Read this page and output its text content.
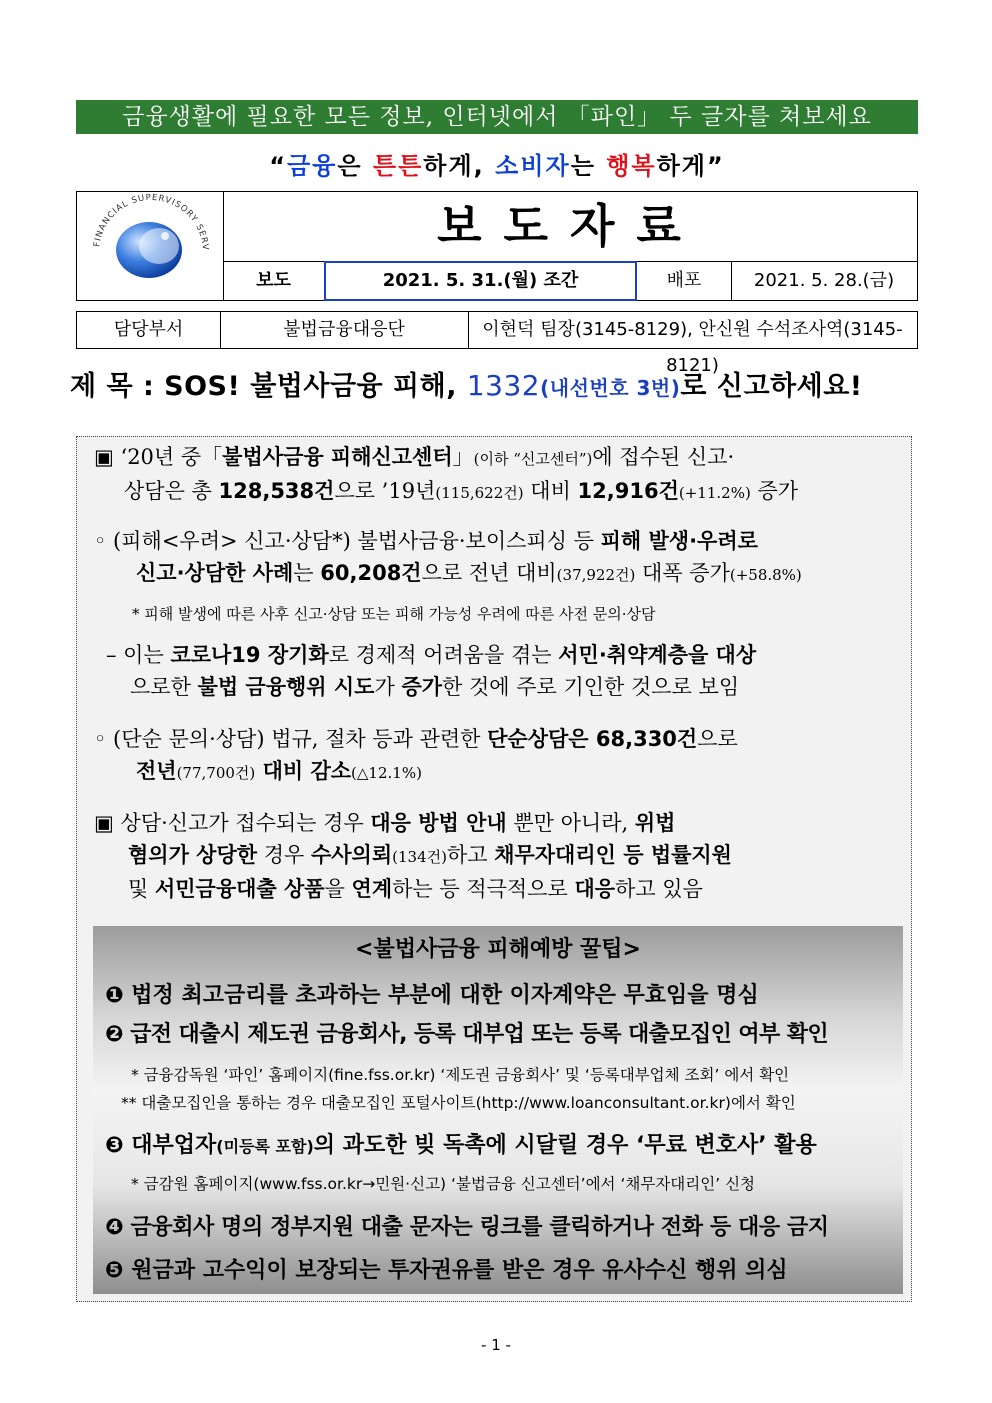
금융생활에 필요한 모든 정보, 인터넷에서 「파인」 두 글자를 쳐보세요
“금융은 튼튼하게, 소비자는 행복하게”
FINANCIAL SUPERVISORY SERV	보도자료
보도	2021. 5. 31.(월) 조간	배포	2021. 5. 28.(금)
담당부서	불법금융대응단	이현덕 팀장(3145-8129), 안신원 수석조사역(3145-8121)
제 목 : SOS! 불법사금융 피해, 1332(내선번호 3번)로 신고하세요!
▣ ‘20년 중「불법사금융 피해신고센터」(이하 “신고센터”)에 접수된 신고·
상담은 총 128,538건으로 ’19년(115,622건) 대비 12,916건(+11.2%) 증가
◦ (피해<우려> 신고·상담*) 불법사금융·보이스피싱 등 피해 발생·우려로
신고·상담한 사례는 60,208건으로 전년 대비(37,922건) 대폭 증가(+58.8%)
* 피해 발생에 따른 사후 신고·상담 또는 피해 가능성 우려에 따른 사전 문의·상담
– 이는 코로나19 장기화로 경제적 어려움을 겪는 서민·취약계층을 대상
으로한 불법 금융행위 시도가 증가한 것에 주로 기인한 것으로 보임
◦ (단순 문의·상담) 법규, 절차 등과 관련한 단순상담은 68,330건으로
전년(77,700건) 대비 감소(△12.1%)
▣ 상담·신고가 접수되는 경우 대응 방법 안내 뿐만 아니라, 위법
혐의가 상당한 경우 수사의뢰(134건)하고 채무자대리인 등 법률지원
및 서민금융대출 상품을 연계하는 등 적극적으로 대응하고 있음
<불법사금융 피해예방 꿀팁>
❶ 법정 최고금리를 초과하는 부분에 대한 이자계약은 무효임을 명심
❷ 급전 대출시 제도권 금융회사, 등록 대부업 또는 등록 대출모집인 여부 확인
* 금융감독원 ‘파인’ 홈페이지(fine.fss.or.kr) ‘제도권 금융회사’ 및 ‘등록대부업체 조회’ 에서 확인
** 대출모집인을 통하는 경우 대출모집인 포털사이트(http://www.loanconsultant.or.kr)에서 확인
❸ 대부업자(미등록 포함)의 과도한 빚 독촉에 시달릴 경우 ‘무료 변호사’ 활용
* 금감원 홈페이지(www.fss.or.kr→민원·신고) ‘불법금융 신고센터’에서 ‘채무자대리인’ 신청
❹ 금융회사 명의 정부지원 대출 문자는 링크를 클릭하거나 전화 등 대응 금지
❺ 원금과 고수익이 보장되는 투자권유를 받은 경우 유사수신 행위 의심
- 1 -
